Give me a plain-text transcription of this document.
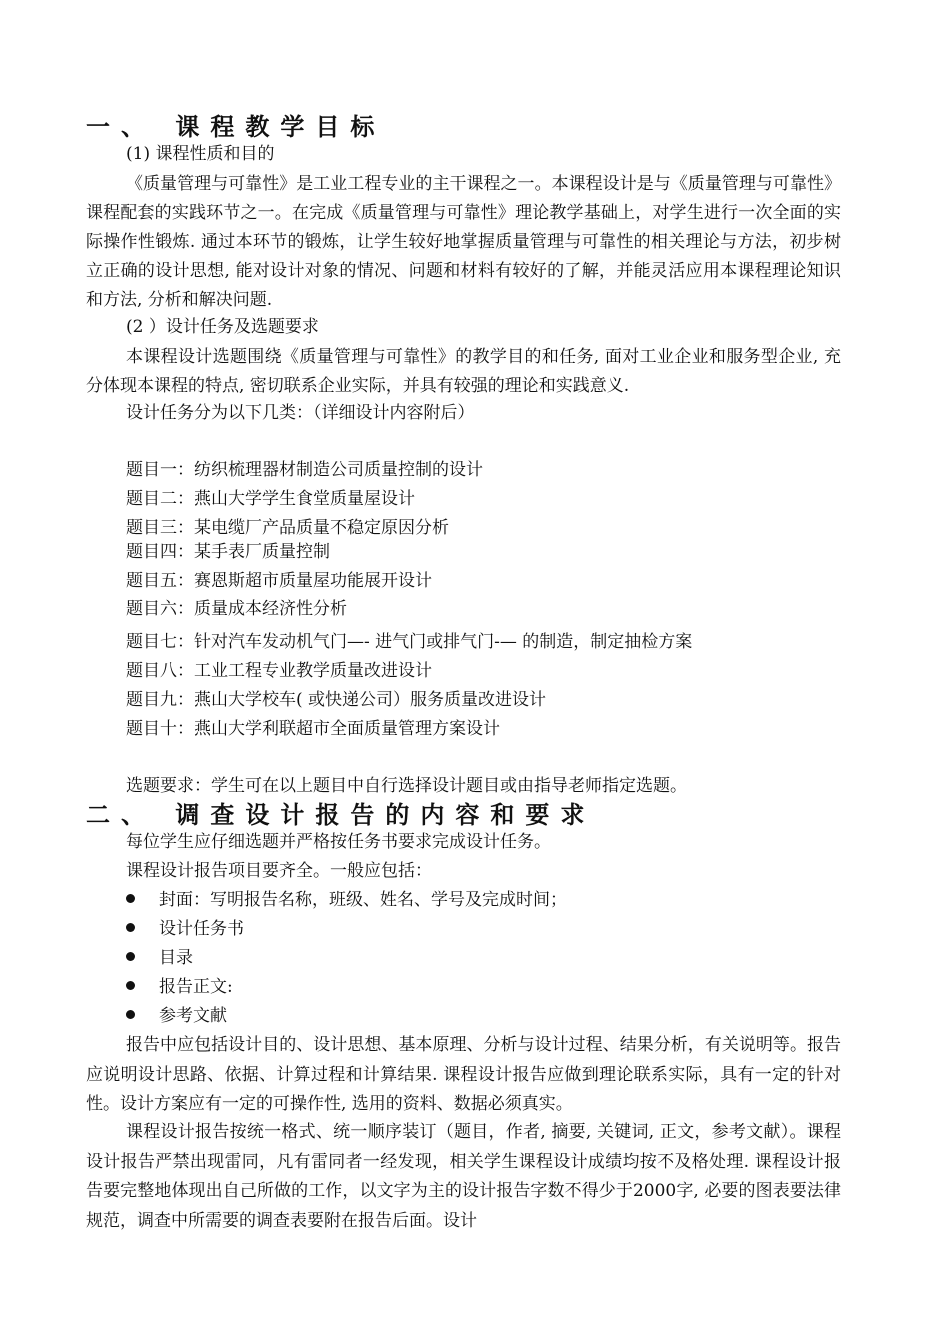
一、 课程教学目标
(1) 课程性质和目的
《质量管理与可靠性》是工业工程专业的主干课程之一。本课程设计是与《质量管理与可靠性》课程配套的实践环节之一。在完成《质量管理与可靠性》理论教学基础上，对学生进行一次全面的实际操作性锻炼. 通过本环节的锻炼，让学生较好地掌握质量管理与可靠性的相关理论与方法，初步树立正确的设计思想, 能对设计对象的情况、问题和材料有较好的了解，并能灵活应用本课程理论知识和方法, 分析和解决问题.
(2 ）设计任务及选题要求
本课程设计选题围绕《质量管理与可靠性》的教学目的和任务, 面对工业企业和服务型企业, 充分体现本课程的特点, 密切联系企业实际，并具有较强的理论和实践意义.
设计任务分为以下几类：（详细设计内容附后）
题目一：纺织梳理器材制造公司质量控制的设计
题目二：燕山大学学生食堂质量屋设计
题目三：某电缆厂产品质量不稳定原因分析
题目四：某手表厂质量控制
题目五：赛恩斯超市质量屋功能展开设计
题目六：质量成本经济性分析
题目七：针对汽车发动机气门—- 进气门或排气门-— 的制造，制定抽检方案
题目八：工业工程专业教学质量改进设计
题目九：燕山大学校车( 或快递公司）服务质量改进设计
题目十：燕山大学利联超市全面质量管理方案设计
选题要求：学生可在以上题目中自行选择设计题目或由指导老师指定选题。
二、 调查设计报告的内容和要求
每位学生应仔细选题并严格按任务书要求完成设计任务。
课程设计报告项目要齐全。一般应包括：
封面：写明报告名称，班级、姓名、学号及完成时间；
设计任务书
目录
报告正文:
参考文献
报告中应包括设计目的、设计思想、基本原理、分析与设计过程、结果分析，有关说明等。报告应说明设计思路、依据、计算过程和计算结果. 课程设计报告应做到理论联系实际，具有一定的针对性。设计方案应有一定的可操作性, 选用的资料、数据必须真实。
课程设计报告按统一格式、统一顺序装订（题目，作者, 摘要, 关键词, 正文，参考文献）。课程设计报告严禁出现雷同，凡有雷同者一经发现，相关学生课程设计成绩均按不及格处理. 课程设计报告要完整地体现出自己所做的工作，以文字为主的设计报告字数不得少于2000字, 必要的图表要法律规范，调查中所需要的调查表要附在报告后面。设计
